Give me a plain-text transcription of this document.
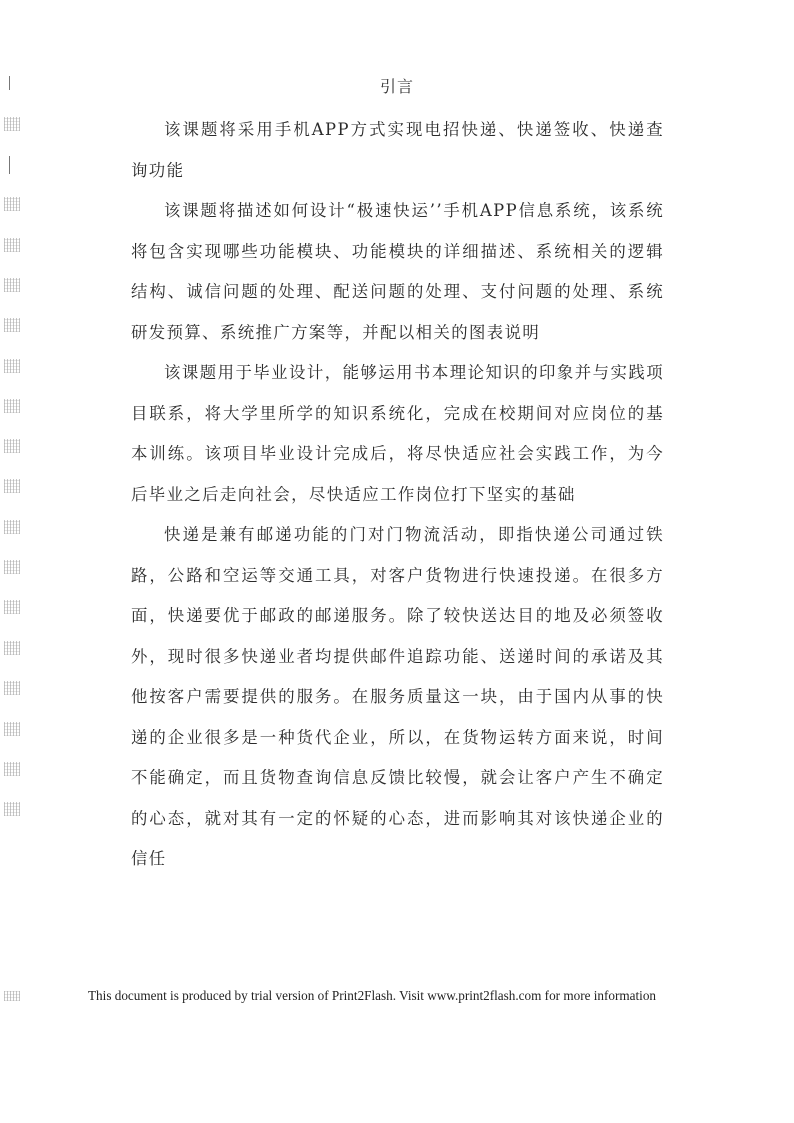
引言

该课题将采用手机APP方式实现电招快递、快递签收、快递查询功能

该课题将描述如何设计“极速快运’’手机APP信息系统，该系统将包含实现哪些功能模块、功能模块的详细描述、系统相关的逻辑结构、诚信问题的处理、配送问题的处理、支付问题的处理、系统研发预算、系统推广方案等，并配以相关的图表说明

该课题用于毕业设计，能够运用书本理论知识的印象并与实践项目联系，将大学里所学的知识系统化，完成在校期间对应岗位的基本训练。该项目毕业设计完成后，将尽快适应社会实践工作，为今后毕业之后走向社会，尽快适应工作岗位打下坚实的基础

快递是兼有邮递功能的门对门物流活动，即指快递公司通过铁路，公路和空运等交通工具，对客户货物进行快速投递。在很多方面，快递要优于邮政的邮递服务。除了较快送达目的地及必须签收外，现时很多快递业者均提供邮件追踪功能、送递时间的承诺及其他按客户需要提供的服务。在服务质量这一块，由于国内从事的快递的企业很多是一种货代企业，所以，在货物运转方面来说，时间不能确定，而且货物查询信息反馈比较慢，就会让客户产生不确定的心态，就对其有一定的怀疑的心态，进而影响其对该快递企业的信任

This document is produced by trial version of Print2Flash. Visit www.print2flash.com for more information
